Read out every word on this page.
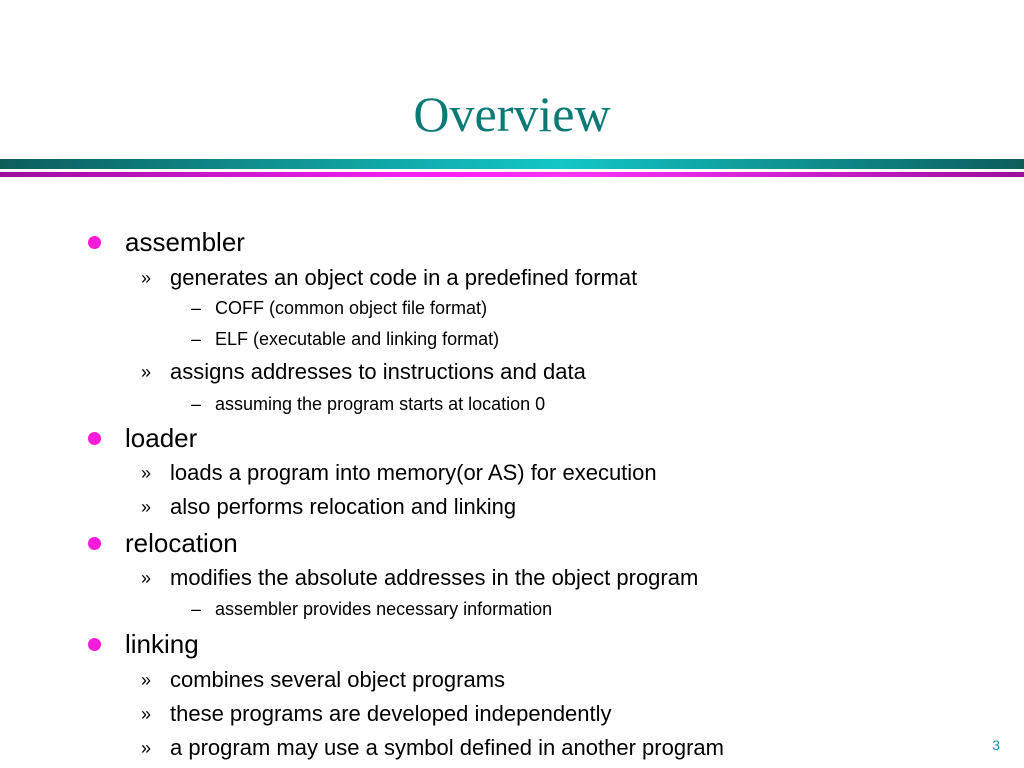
Overview
assembler
» generates an object code in a predefined format
– COFF (common object file format)
– ELF (executable and linking format)
» assigns addresses to instructions and data
– assuming the program starts at location 0
loader
» loads a program into memory(or AS) for execution
» also performs relocation and linking
relocation
» modifies the absolute addresses in the object program
– assembler provides necessary information
linking
» combines several object programs
» these programs are developed independently
» a program may use a symbol defined in another program	3
